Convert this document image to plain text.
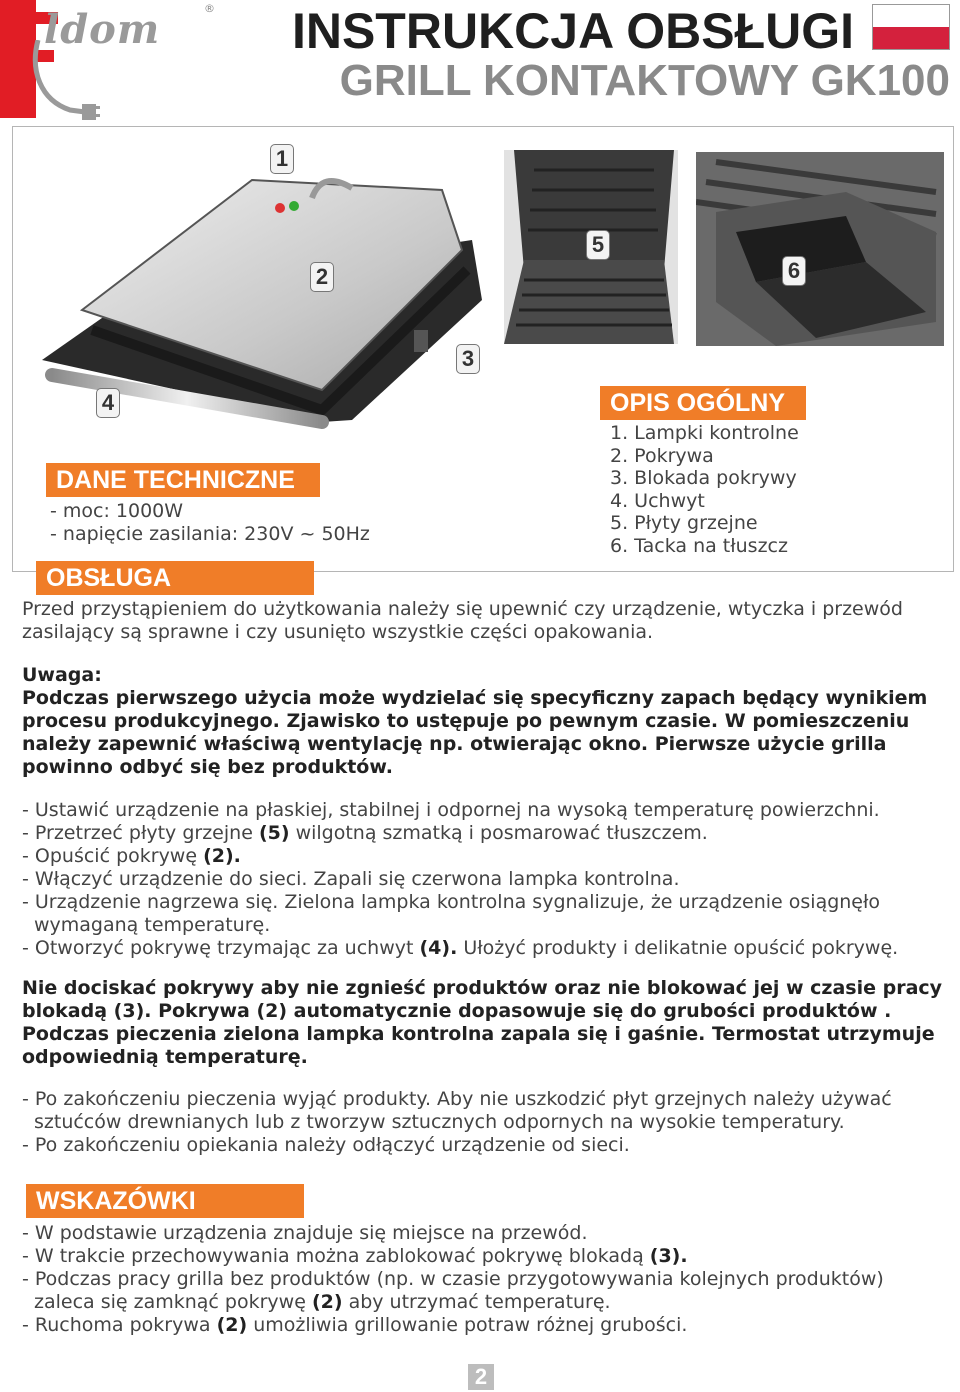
ldom	® INSTRUKCJA OBSŁUGI
GRILL KONTAKTOWY GK100
1
2
3
4
5
6
OPIS OGÓLNY
1. Lampki kontrolne
2. Pokrywa
3. Blokada pokrywy
4. Uchwyt
5. Płyty grzejne
6. Tacka na tłuszcz
DANE TECHNICZNE
- moc: 1000W
- napięcie zasilania: 230V ~ 50Hz
OBSŁUGA
Przed przystąpieniem do użytkowania należy się upewnić czy urządzenie, wtyczka i przewód zasilający są sprawne i czy usunięto wszystkie części opakowania.
Uwaga:
Podczas pierwszego użycia może wydzielać się specyficzny zapach będący wynikiem procesu produkcyjnego. Zjawisko to ustępuje po pewnym czasie. W pomieszczeniu należy zapewnić właściwą wentylację np. otwierając okno. Pierwsze użycie grilla powinno odbyć się bez produktów.
- Ustawić urządzenie na płaskiej, stabilnej i odpornej na wysoką temperaturę powierzchni.
- Przetrzeć płyty grzejne (5) wilgotną szmatką i posmarować tłuszczem.
- Opuścić pokrywę (2).
- Włączyć urządzenie do sieci. Zapali się czerwona lampka kontrolna.
- Urządzenie nagrzewa się. Zielona lampka kontrolna sygnalizuje, że urządzenie osiągnęło
wymaganą temperaturę.
- Otworzyć pokrywę trzymając za uchwyt (4). Ułożyć produkty i delikatnie opuścić pokrywę.
Nie dociskać pokrywy aby nie zgnieść produktów oraz nie blokować jej w czasie pracy blokadą (3). Pokrywa (2) automatycznie dopasowuje się do grubości produktów . Podczas pieczenia zielona lampka kontrolna zapala się i gaśnie. Termostat utrzymuje odpowiednią temperaturę.
- Po zakończeniu pieczenia wyjąć produkty. Aby nie uszkodzić płyt grzejnych należy używać
sztućców drewnianych lub z tworzyw sztucznych odpornych na wysokie temperatury.
- Po zakończeniu opiekania należy odłączyć urządzenie od sieci.
WSKAZÓWKI
- W podstawie urządzenia znajduje się miejsce na przewód.
- W trakcie przechowywania można zablokować pokrywę blokadą (3).
- Podczas pracy grilla bez produktów (np. w czasie przygotowywania kolejnych produktów)
zaleca się zamknąć pokrywę (2) aby utrzymać temperaturę.
- Ruchoma pokrywa (2) umożliwia grillowanie potraw różnej grubości.
2
